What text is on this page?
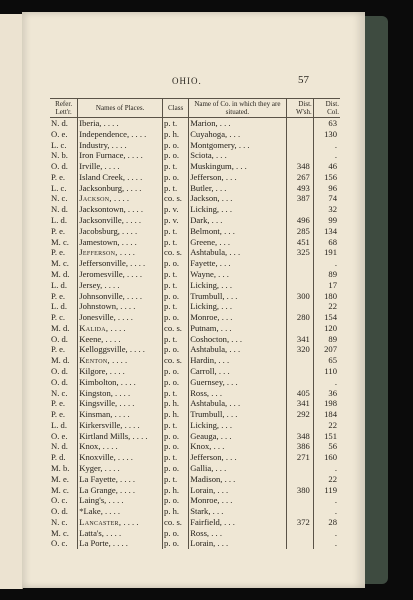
OHIO.	57
Refer. Lett'r.	Names of Places.	Class	Name of Co. in which they are situated.	Dist. W'sh.	Dist. Col.
N. d.	Iberia, . . . .	p. t.	Marion, . . .		63
O. e.	Independence, . . . .	p. h.	Cuyahoga, . . .		130
L. c.	Industry, . . . .	p. o.	Montgomery, . . .		.
N. b.	Iron Furnace, . . . .	p. o.	Sciota, . . .		.
O. d.	Irville, . . . .	p. t.	Muskingum, . . .	348	46
P. e.	Island Creek, . . . .	p. o.	Jefferson, . . .	267	156
L. c.	Jacksonburg, . . . .	p. t.	Butler, . . .	493	96
N. c.	Jackson, . . . .	co. s.	Jackson, . . .	387	74
N. d.	Jacksontown, . . . .	p. v.	Licking, . . .		32
L. d.	Jacksonville, . . . .	p. v.	Dark, . . .	496	99
P. e.	Jacobsburg, . . . .	p. t.	Belmont, . . .	285	134
M. c.	Jamestown, . . . .	p. t.	Greene, . . .	451	68
P. e.	Jefferson, . . . .	co. s.	Ashtabula, . . .	325	191
M. c.	Jeffersonville, . . . .	p. o.	Fayette, . . .		.
M. d.	Jeromesville, . . . .	p. t.	Wayne, . . .		89
L. d.	Jersey, . . . .	p. t.	Licking, . . .		17
P. e.	Johnsonville, . . . .	p. o.	Trumbull, . . .	300	180
L. d.	Johnstown, . . . .	p. t.	Licking, . . .		22
P. c.	Jonesville, . . . .	p. o.	Monroe, . . .	280	154
M. d.	Kalida, . . . .	co. s.	Putnam, . . .		120
O. d.	Keene, . . . .	p. t.	Coshocton, . . .	341	89
P. e.	Kelloggsville, . . . .	p. o.	Ashtabula, . . .	320	207
M. d.	Kenton, . . . .	co. s.	Hardin, . . .		65
O. d.	Kilgore, . . . .	p. o.	Carroll, . . .		110
O. d.	Kimbolton, . . . .	p. o.	Guernsey, . . .		.
N. c.	Kingston, . . . .	p. t.	Ross, . . .	405	36
P. e.	Kingsville, . . . .	p. h.	Ashtabula, . . .	341	198
P. e.	Kinsman, . . . .	p. h.	Trumbull, . . .	292	184
L. d.	Kirkersville, . . . .	p. t.	Licking, . . .		22
O. e.	Kirtland Mills, . . . .	p. o.	Geauga, . . .	348	151
N. d.	Knox, . . . .	p. o.	Knox, . . .	386	56
P. d.	Knoxville, . . . .	p. t.	Jefferson, . . .	271	160
M. b.	Kyger, . . . .	p. o.	Gallia, . . .		.
M. e.	La Fayette, . . . .	p. t.	Madison, . . .		22
M. c.	La Grange, . . . .	p. h.	Lorain, . . .	380	119
O. c.	Laing's, . . . .	p. o.	Monroe, . . .		.
O. d.	*Lake, . . . .	p. h.	Stark, . . .		.
N. c.	Lancaster, . . . .	co. s.	Fairfield, . . .	372	28
M. c.	Latta's, . . . .	p. o.	Ross, . . .		.
O. c.	La Porte, . . . .	p. o.	Lorain, . . .		.
